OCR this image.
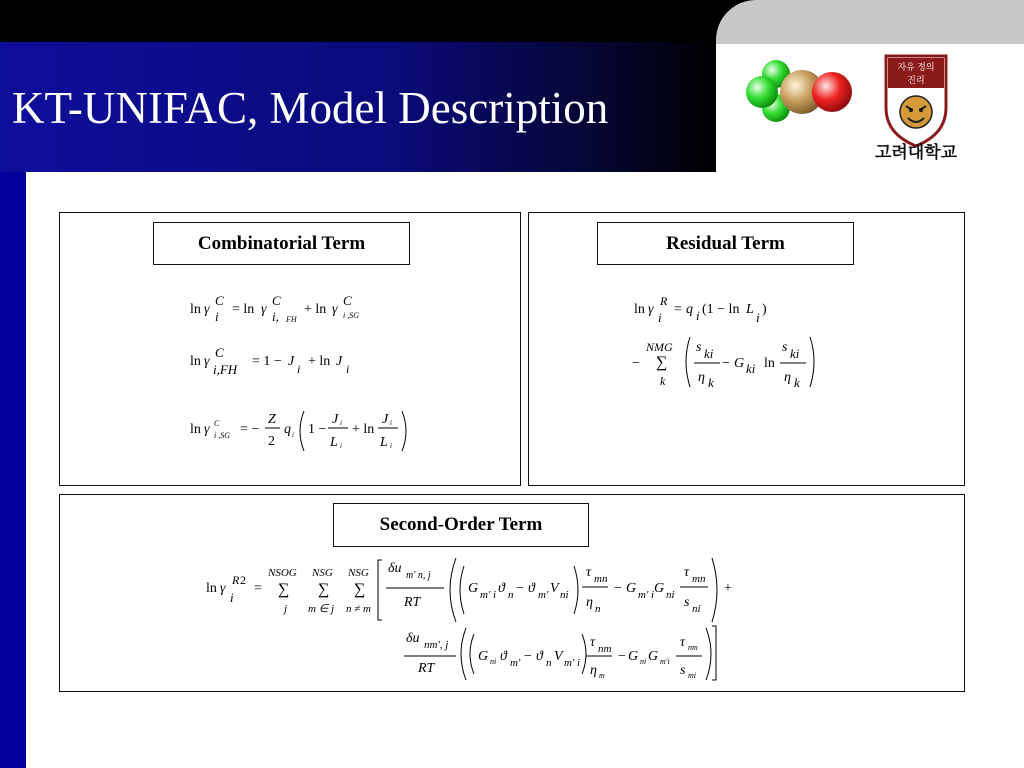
KT-UNIFAC, Model Description
자유 정의
진리
고려대학교
Combinatorial Term	Residual Term
Second-Order Term
ln γ
C
i = ln γ
C
i, FH
+ ln γ
C
i ,SG
ln γ
C
i,FH
= 1 − J i + ln J i
ln γ C
i ,SG = −
Z
2
q i 1 −
J i
L i
+ ln
J i
L i
ln γ
R
i
= q i (1 − ln L
i
)
−
NMG
∑
k
s ki
η k
− G ki ln
s ki
η k
ln γ
R 2
i
=
NSOG
∑
j
NSG
∑
m ∈ j
NSG
∑
n ≠ m
δu m' n, j
RT
G m' i ϑ n − ϑ m' V ni
τ mn
η n
− G m' i G ni
τ mn
s ni
+
δu nm', j
RT
G ni ϑ m' − ϑ n V m' i
τ nm
η m
− G ni G m'i
τ nm
s mi
